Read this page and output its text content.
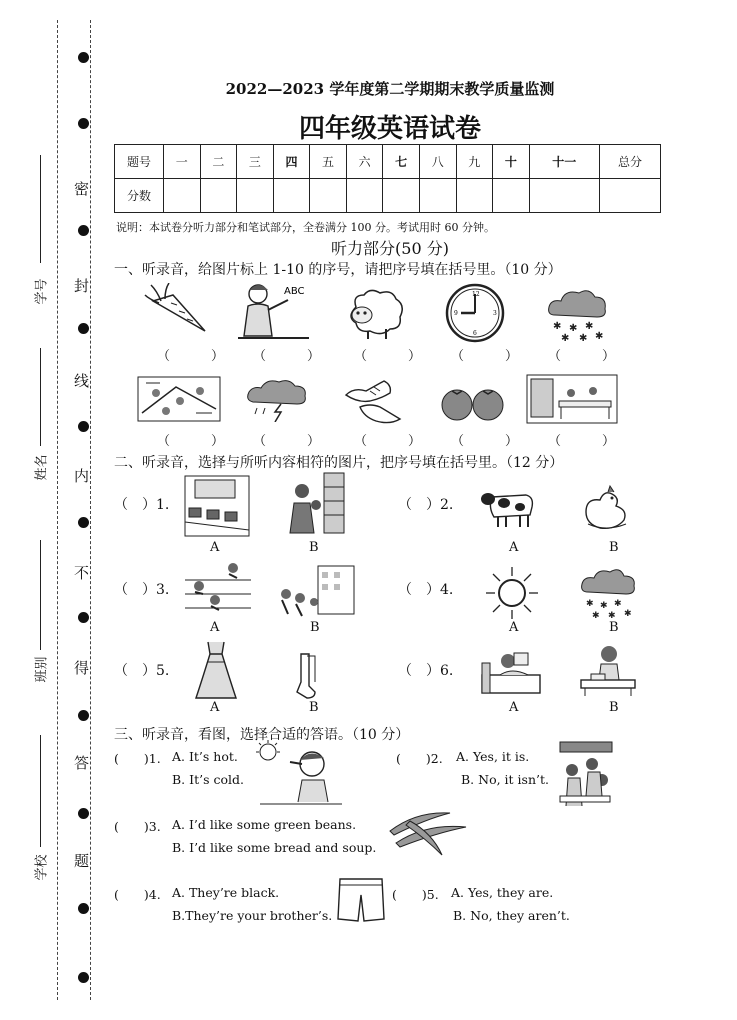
密
封
线
内
不
得
答
题
学号
姓名
班别
学校
2022—2023 学年度第二学期期末教学质量监测
四年级英语试卷
题号	一	二	三	四	五	六	七	八	九	十	十一	总分
分数												
说明：本试卷分听力部分和笔试部分，全卷满分 100 分。考试用时 60 分钟。
听力部分(50 分)
一、听录音，给图片标上 1-10 的序号，请把序号填在括号里。（10 分）
ABC	12
3
6
9
✱ ✱ ✱
✱ ✱ ✱
（　） （　） （　） （　） （　）
（　） （　） （　） （　） （　）
二、听录音，选择与所听内容相符的图片，把序号填在括号里。（12 分）
（　）1.
A	B
（　）2.
A	B
（　）3.
A	B
（　）4.
✱ ✱ ✱
✱ ✱ ✱
A	B
（　）5.
A	B
（　）6.
A	B
三、听录音，看图，选择合适的答语。（10 分）
(　　)1. A. It’s hot.
B. It’s cold.
(　　)2. A. Yes, it is.
B. No, it isn’t.
(　　)3. A. I’d like some green beans.
B. I’d like some bread and soup.
(　　)4. A. They’re black.
B.They’re your brother’s.
(　　)5. A. Yes, they are.
B. No, they aren’t.
